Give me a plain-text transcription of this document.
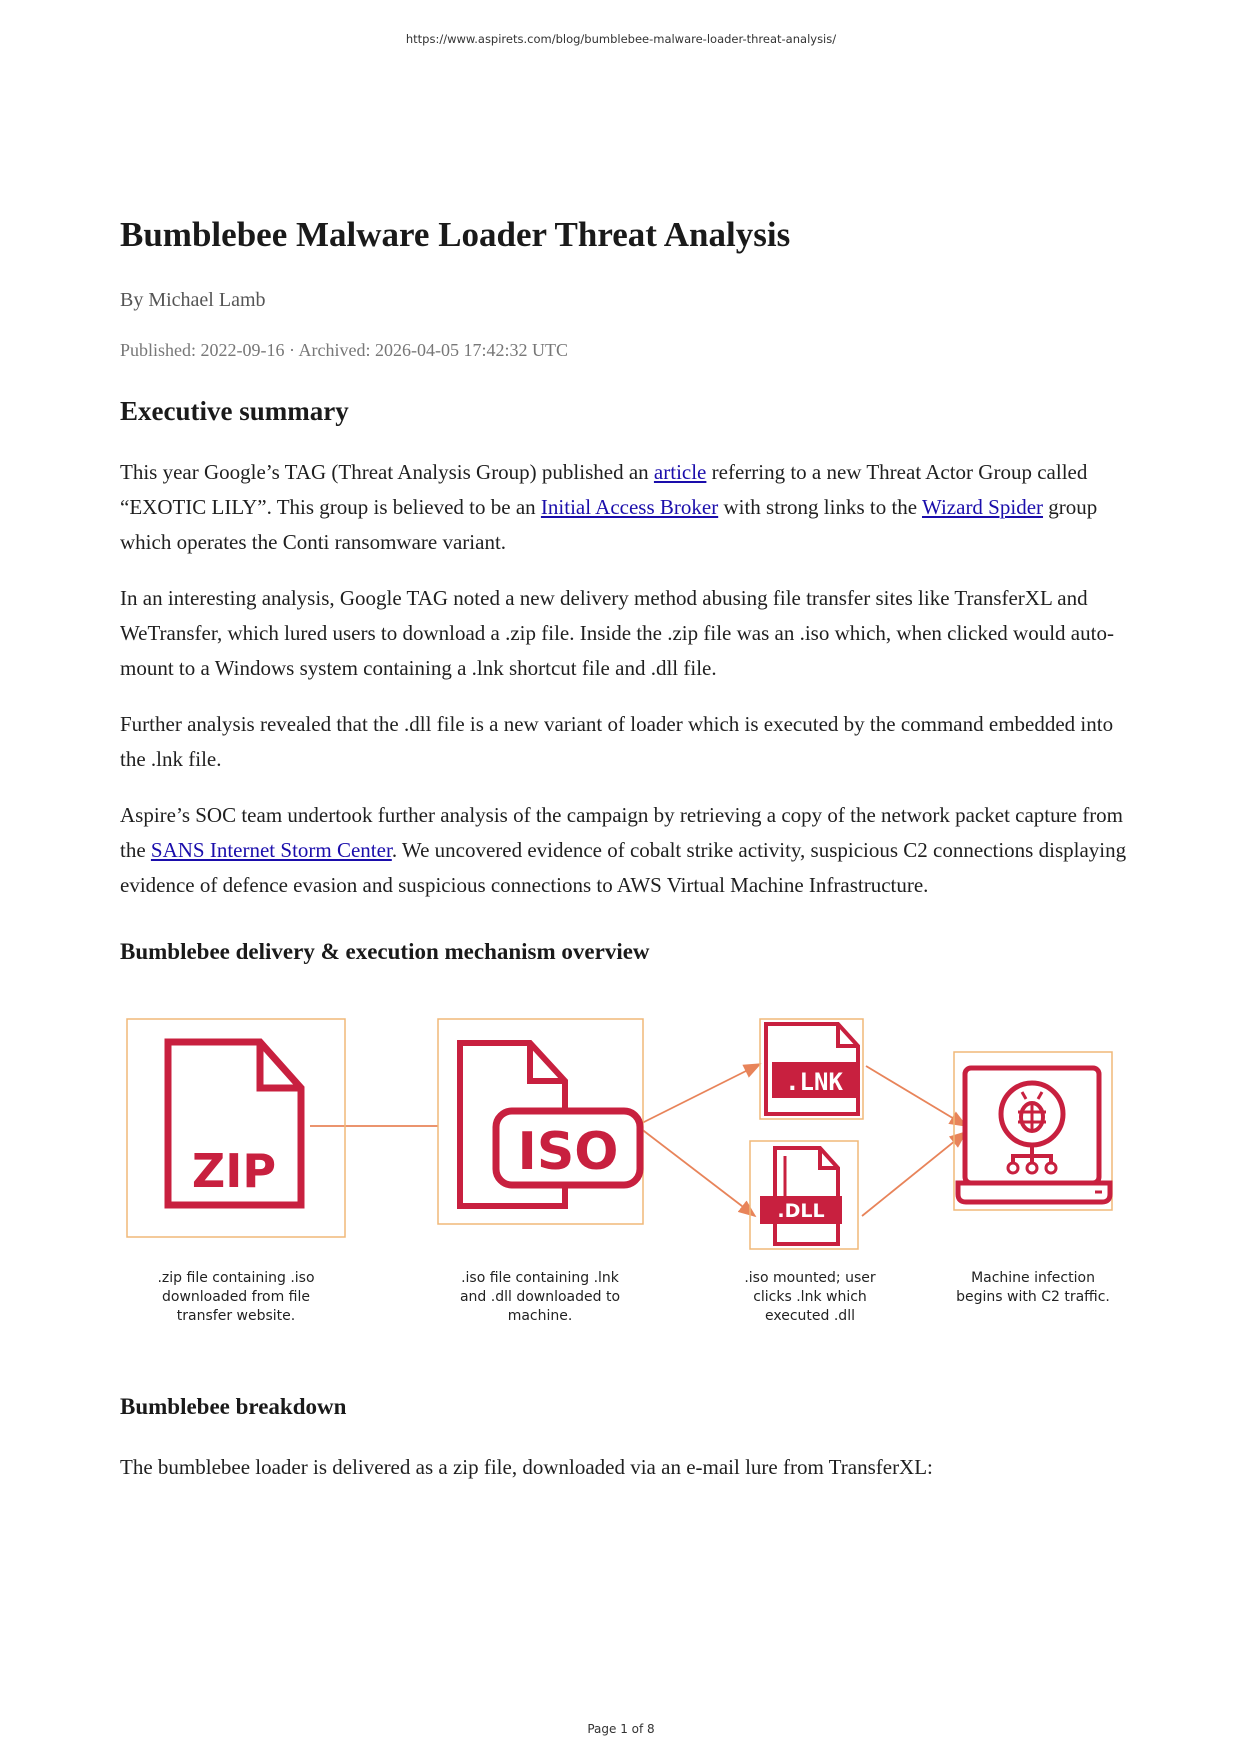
https://www.aspirets.com/blog/bumblebee-malware-loader-threat-analysis/
Bumblebee Malware Loader Threat Analysis
By Michael Lamb
Published: 2022-09-16 · Archived: 2026-04-05 17:42:32 UTC
Executive summary

This year Google’s TAG (Threat Analysis Group) published an article referring to a new Threat Actor Group called “EXOTIC LILY”. This group is believed to be an Initial Access Broker with strong links to the Wizard Spider group which operates the Conti ransomware variant.

In an interesting analysis, Google TAG noted a new delivery method abusing file transfer sites like TransferXL and WeTransfer, which lured users to download a .zip file. Inside the .zip file was an .iso which, when clicked would auto-mount to a Windows system containing a .lnk shortcut file and .dll file.

Further analysis revealed that the .dll file is a new variant of loader which is executed by the command embedded into the .lnk file.

Aspire’s SOC team undertook further analysis of the campaign by retrieving a copy of the network packet capture from the SANS Internet Storm Center. We uncovered evidence of cobalt strike activity, suspicious C2 connections displaying evidence of defence evasion and suspicious connections to AWS Virtual Machine Infrastructure.

Bumblebee delivery & execution mechanism overview
Bumblebee breakdown

The bumblebee loader is delivered as a zip file, downloaded via an e-mail lure from TransferXL:

ZIP	ISO
.LNK
.DLL
.zip file containing .iso
downloaded from file
transfer website.
.iso file containing .lnk
and .dll downloaded to
machine.
.iso mounted; user
clicks .lnk which
executed .dll
Machine infection
begins with C2 traffic.
Page 1 of 8
